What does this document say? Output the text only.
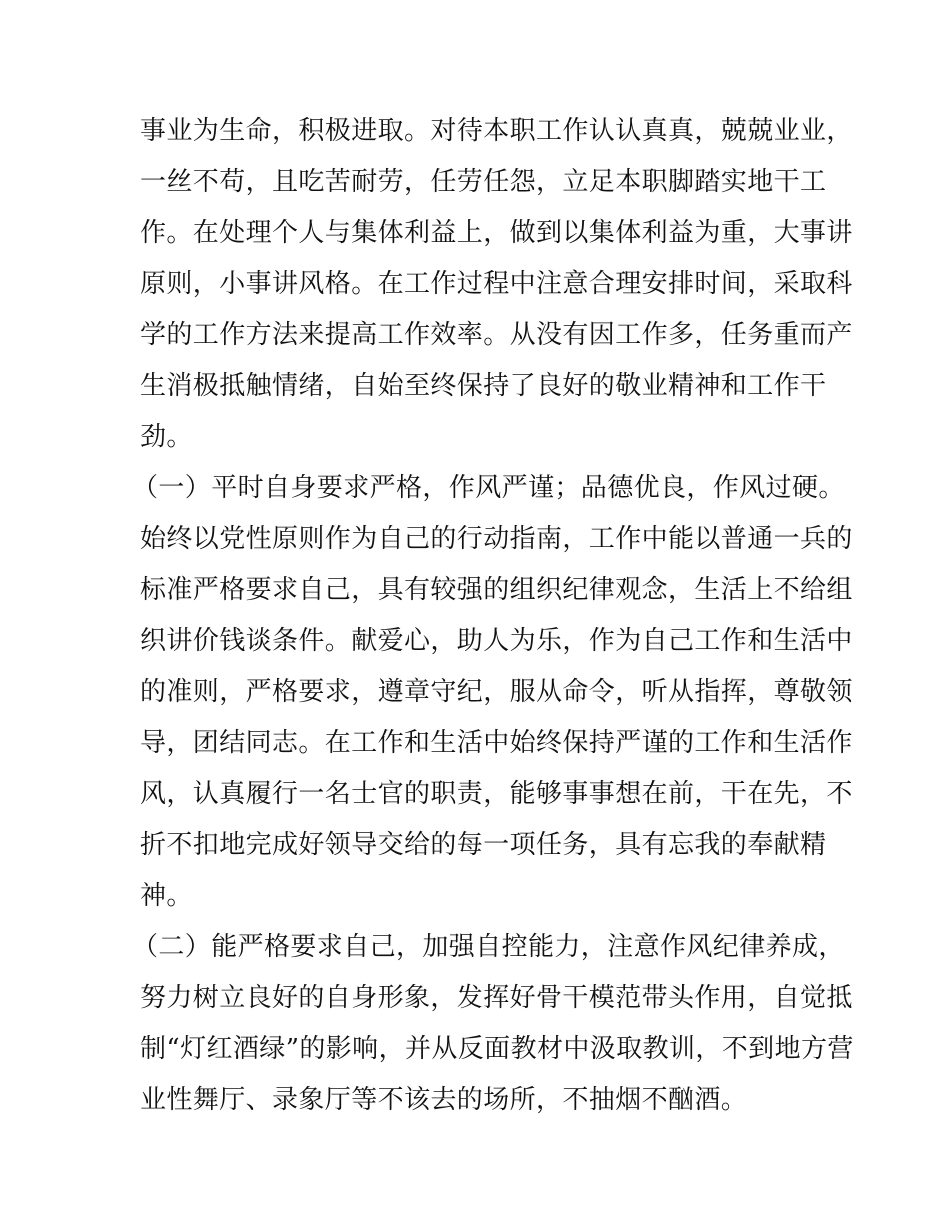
事业为生命，积极进取。对待本职工作认认真真，兢兢业业，
一丝不苟，且吃苦耐劳，任劳任怨，立足本职脚踏实地干工
作。在处理个人与集体利益上，做到以集体利益为重，大事讲
原则，小事讲风格。在工作过程中注意合理安排时间，采取科
学的工作方法来提高工作效率。从没有因工作多，任务重而产
生消极抵触情绪，自始至终保持了良好的敬业精神和工作干
劲。
（一）平时自身要求严格，作风严谨；品德优良，作风过硬。
始终以党性原则作为自己的行动指南，工作中能以普通一兵的
标准严格要求自己，具有较强的组织纪律观念，生活上不给组
织讲价钱谈条件。献爱心，助人为乐，作为自己工作和生活中
的准则，严格要求，遵章守纪，服从命令，听从指挥，尊敬领
导，团结同志。在工作和生活中始终保持严谨的工作和生活作
风，认真履行一名士官的职责，能够事事想在前，干在先，不
折不扣地完成好领导交给的每一项任务，具有忘我的奉献精
神。
（二）能严格要求自己，加强自控能力，注意作风纪律养成，
努力树立良好的自身形象，发挥好骨干模范带头作用，自觉抵
制“灯红酒绿”的影响，并从反面教材中汲取教训，不到地方营
业性舞厅、录象厅等不该去的场所，不抽烟不酗酒。
